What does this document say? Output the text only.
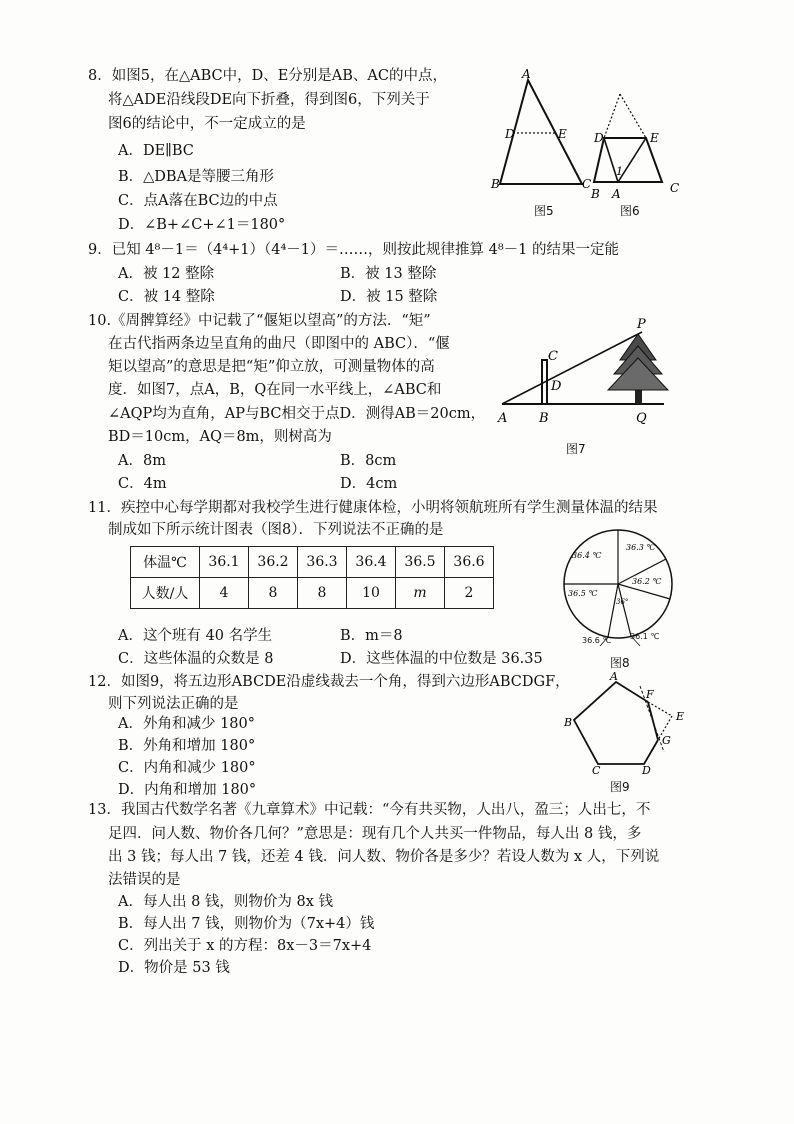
8．如图5，在△ABC中，D、E分别是AB、AC的中点，
将△ADE沿线段DE向下折叠，得到图6，下列关于
图6的结论中，不一定成立的是
A．DE∥BC
B．△DBA是等腰三角形
C．点A落在BC边的中点
D．∠B+∠C+∠1＝180°
A
D	E
B	C
图5
D	E
1
B A	C
图6
9．已知 4⁸－1＝（4⁴+1）（4⁴－1）＝……，则按此规律推算 4⁸－1 的结果一定能
A．被 12 整除	B．被 13 整除
C．被 14 整除	D．被 15 整除
10.《周髀算经》中记载了“偃矩以望高”的方法．“矩”
在古代指两条边呈直角的曲尺（即图中的 ABC）．“偃
矩以望高”的意思是把“矩”仰立放，可测量物体的高
度．如图7，点A，B，Q在同一水平线上，∠ABC和
∠AQP均为直角，AP与BC相交于点D．测得AB＝20cm，
BD＝10cm，AQ＝8m，则树高为
A．8m	B．8cm
C．4m	D．4cm
C
D
A B	Q
P
图7
11．疾控中心每学期都对我校学生进行健康体检，小明将领航班所有学生测量体温的结果
制成如下所示统计图表（图8）．下列说法不正确的是
体温℃	36.1	36.2	36.3	36.4	36.5	36.6
人数/人	4	8	8	10	m	2
A．这个班有 40 名学生	B．m＝8
C．这些体温的众数是 8	D．这些体温的中位数是 36.35
36.4 ℃
36.3 ℃
36.2 ℃
36.5 ℃
36°
36.6 ℃ 36.1 ℃
图8
12．如图9，将五边形ABCDE沿虚线裁去一个角，得到六边形ABCDGF，
则下列说法正确的是
A．外角和减少 180°
B．外角和增加 180°
C．内角和减少 180°
D．内角和增加 180°
A
F
E
G
B
C	D
图9
13．我国古代数学名著《九章算术》中记载：“今有共买物，人出八，盈三；人出七，不
足四．问人数、物价各几何？”意思是：现有几个人共买一件物品，每人出 8 钱，多
出 3 钱；每人出 7 钱，还差 4 钱．问人数、物价各是多少？若设人数为 x 人，下列说
法错误的是
A．每人出 8 钱，则物价为 8x 钱
B．每人出 7 钱，则物价为（7x+4）钱
C．列出关于 x 的方程：8x－3＝7x+4
D．物价是 53 钱
